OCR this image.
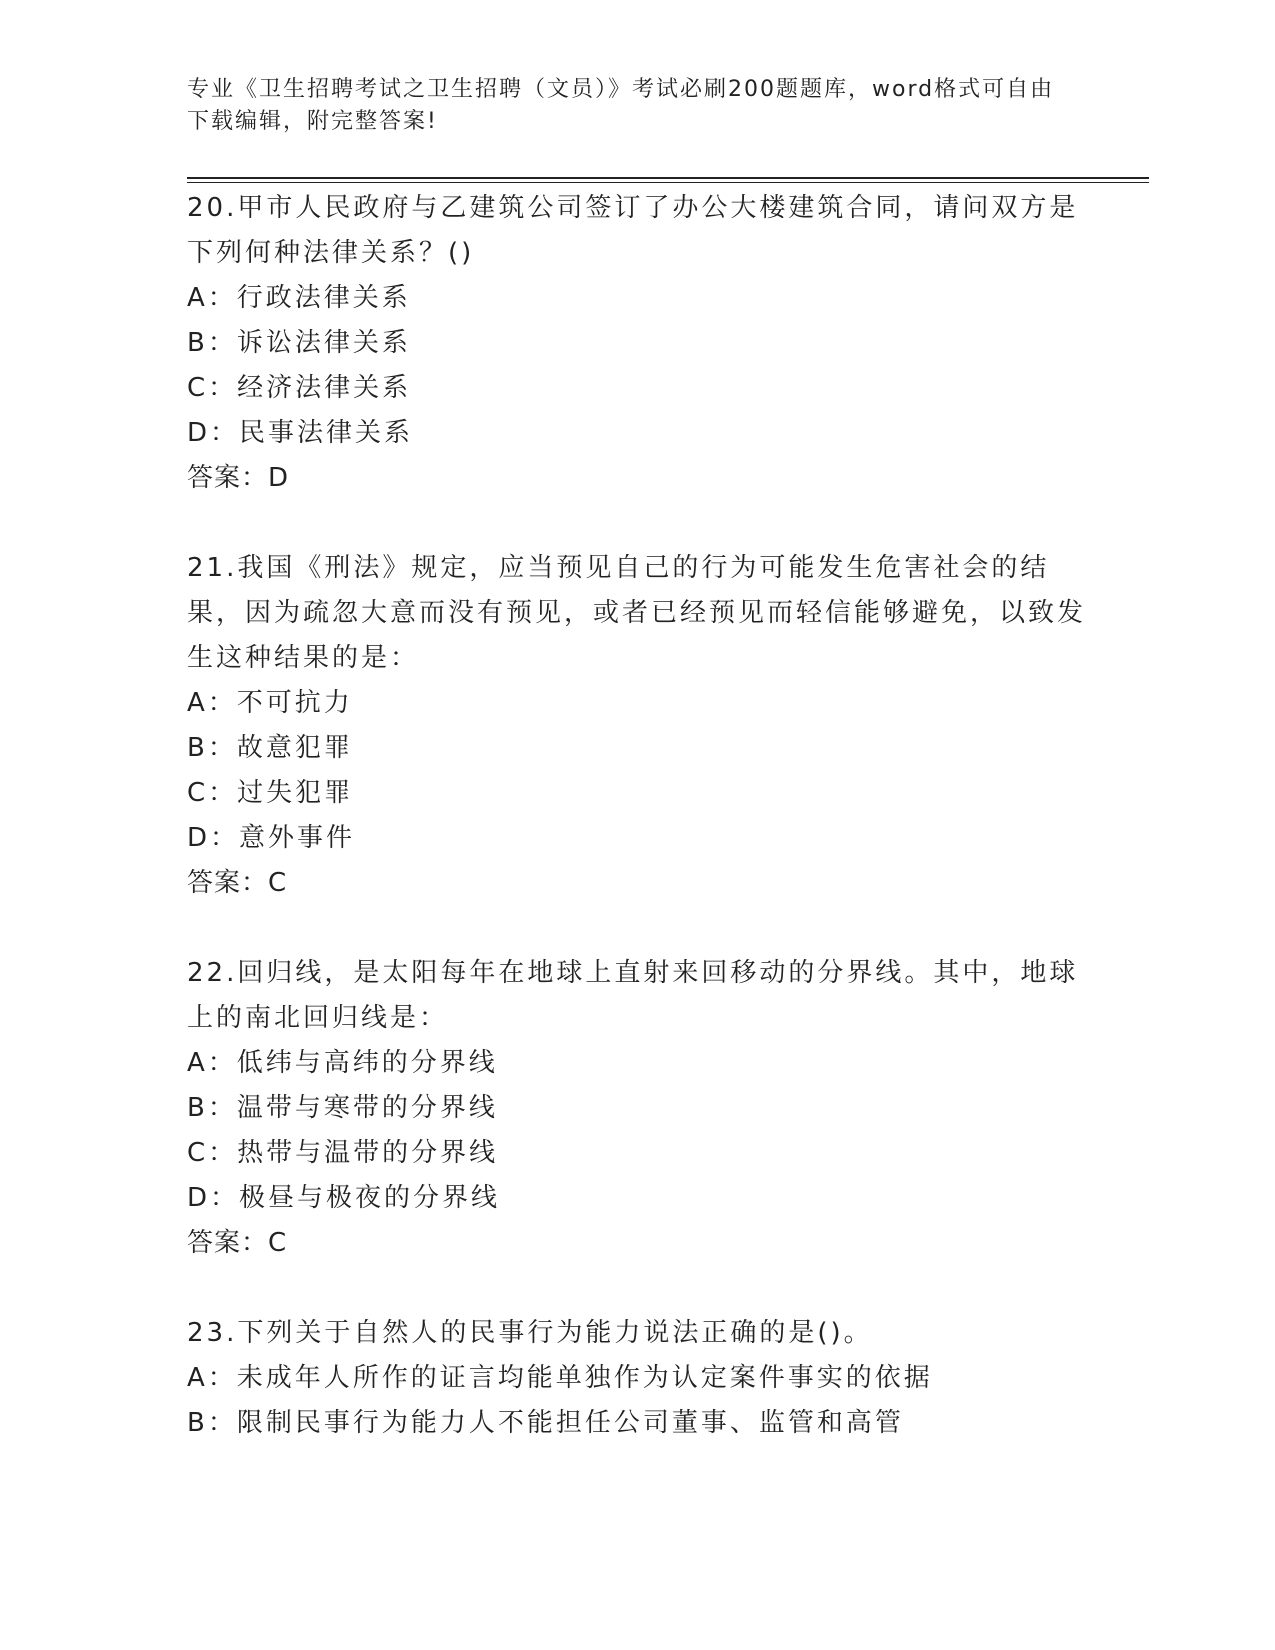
专业《卫生招聘考试之卫生招聘（文员）》考试必刷200题题库，word格式可自由下载编辑，附完整答案!
20.甲市人民政府与乙建筑公司签订了办公大楼建筑合同，请问双方是下列何种法律关系？()
A：行政法律关系
B：诉讼法律关系
C：经济法律关系
D：民事法律关系
答案：D
21.我国《刑法》规定，应当预见自己的行为可能发生危害社会的结果，因为疏忽大意而没有预见，或者已经预见而轻信能够避免，以致发生这种结果的是：
A：不可抗力
B：故意犯罪
C：过失犯罪
D：意外事件
答案：C
22.回归线，是太阳每年在地球上直射来回移动的分界线。其中，地球上的南北回归线是：
A：低纬与高纬的分界线
B：温带与寒带的分界线
C：热带与温带的分界线
D：极昼与极夜的分界线
答案：C
23.下列关于自然人的民事行为能力说法正确的是()。
A：未成年人所作的证言均能单独作为认定案件事实的依据
B：限制民事行为能力人不能担任公司董事、监管和高管
